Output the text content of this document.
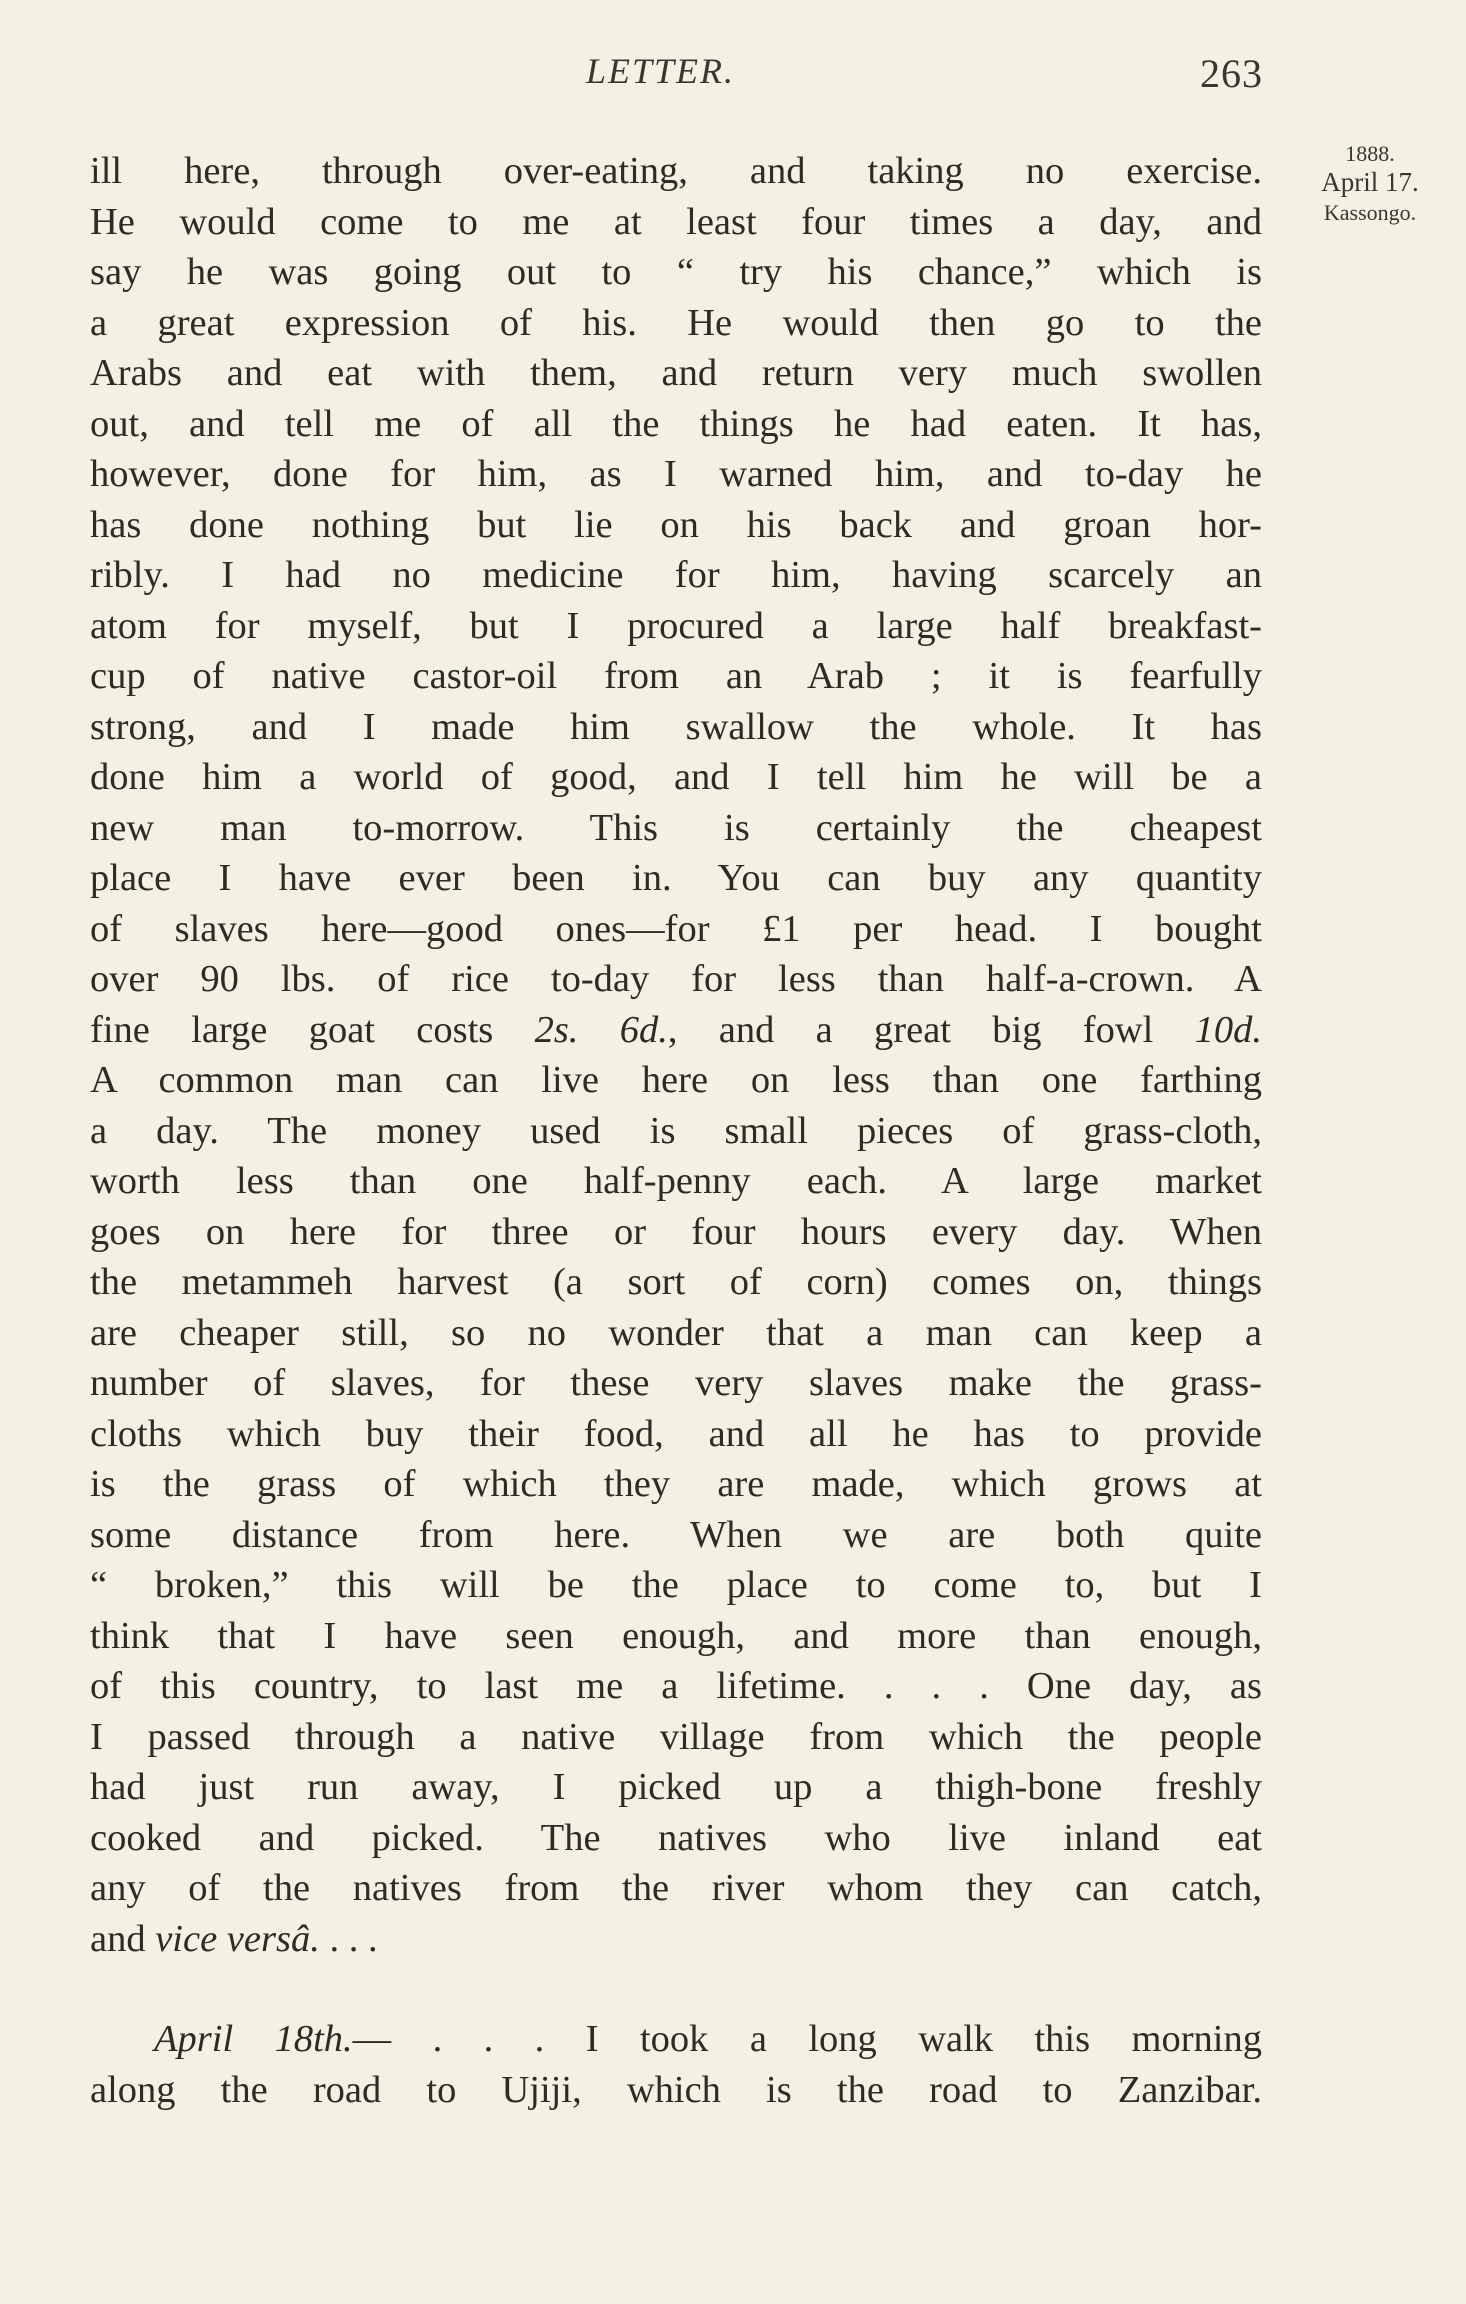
LETTER.	263
1888.
April 17.
Kassongo.
ill here, through over-eating, and taking no exercise.
He would come to me at least four times a day, and
say he was going out to “ try his chance,” which is
a great expression of his. He would then go to the
Arabs and eat with them, and return very much swollen
out, and tell me of all the things he had eaten. It has,
however, done for him, as I warned him, and to-day he
has done nothing but lie on his back and groan hor-
ribly. I had no medicine for him, having scarcely an
atom for myself, but I procured a large half breakfast-
cup of native castor-oil from an Arab ; it is fearfully
strong, and I made him swallow the whole. It has
done him a world of good, and I tell him he will be a
new man to-morrow. This is certainly the cheapest
place I have ever been in. You can buy any quantity
of slaves here—good ones—for £1 per head. I bought
over 90 lbs. of rice to-day for less than half-a-crown. A
fine large goat costs 2s. 6d., and a great big fowl 10d.
A common man can live here on less than one farthing
a day. The money used is small pieces of grass-cloth,
worth less than one half-penny each. A large market
goes on here for three or four hours every day. When
the metammeh harvest (a sort of corn) comes on, things
are cheaper still, so no wonder that a man can keep a
number of slaves, for these very slaves make the grass-
cloths which buy their food, and all he has to provide
is the grass of which they are made, which grows at
some distance from here. When we are both quite
“ broken,” this will be the place to come to, but I
think that I have seen enough, and more than enough,
of this country, to last me a lifetime. . . . One day, as
I passed through a native village from which the people
had just run away, I picked up a thigh-bone freshly
cooked and picked. The natives who live inland eat
any of the natives from the river whom they can catch,
and vice versâ. . . .
April 18th.— . . . I took a long walk this morning
along the road to Ujiji, which is the road to Zanzibar.
